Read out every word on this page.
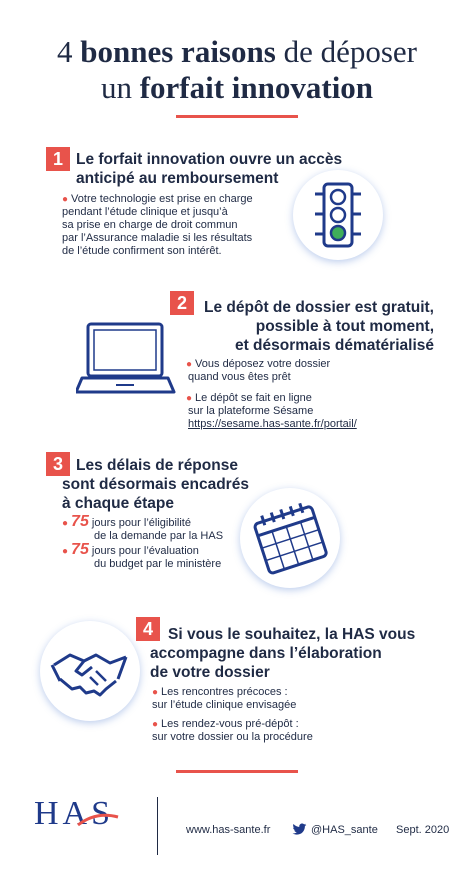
4 bonnes raisons de déposer
un forfait innovation
1 Le forfait innovation ouvre un accès
anticipé au remboursement
● Votre technologie est prise en charge
pendant l’étude clinique et jusqu’à
sa prise en charge de droit commun
par l’Assurance maladie si les résultats
de l’étude confirment son intérêt.
2	Le dépôt de dossier est gratuit,
possible à tout moment,
et désormais dématérialisé
● Vous déposez votre dossier
quand vous êtes prêt
● Le dépôt se fait en ligne
sur la plateforme Sésame
https://sesame.has-sante.fr/portail/
3 Les délais de réponse
sont désormais encadrés
à chaque étape
● 75 jours pour l’éligibilité
de la demande par la HAS
● 75 jours pour l’évaluation
du budget par le ministère
4 Si vous le souhaitez, la HAS vous
accompagne dans l’élaboration
de votre dossier
● Les rencontres précoces :
sur l’étude clinique envisagée
● Les rendez-vous pré-dépôt :
sur votre dossier ou la procédure
HAS	www.has-sante.fr	@HAS_sante Sept. 2020
